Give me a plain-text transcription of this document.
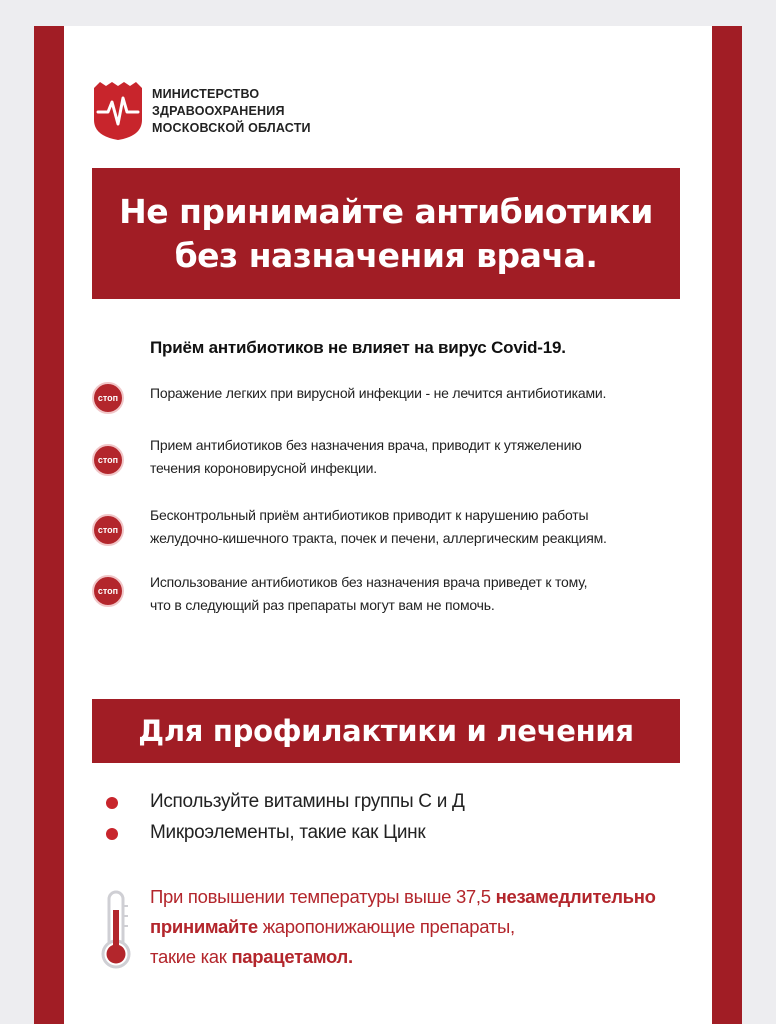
МИНИСТЕРСТВО
ЗДРАВООХРАНЕНИЯ
МОСКОВСКОЙ ОБЛАСТИ
Не принимайте антибиотики
без назначения врача.
Приём антибиотиков не влияет на вирус Covid-19.
стоп	Поражение легких при вирусной инфекции - не лечится антибиотиками.
стоп
Прием антибиотиков без назначения врача, приводит к утяжелению
течения короновирусной инфекции.
стоп
Бесконтрольный приём антибиотиков приводит к нарушению работы
желудочно-кишечного тракта, почек и печени, аллергическим реакциям.
стоп
Использование антибиотиков без назначения врача приведет к тому,
что в следующий раз препараты могут вам не помочь.
Для профилактики и лечения
Используйте витамины группы С и Д
Микроэлементы, такие как Цинк
При повышении температуры выше 37,5 незамедлительно
принимайте жаропонижающие препараты,
такие как парацетамол.
